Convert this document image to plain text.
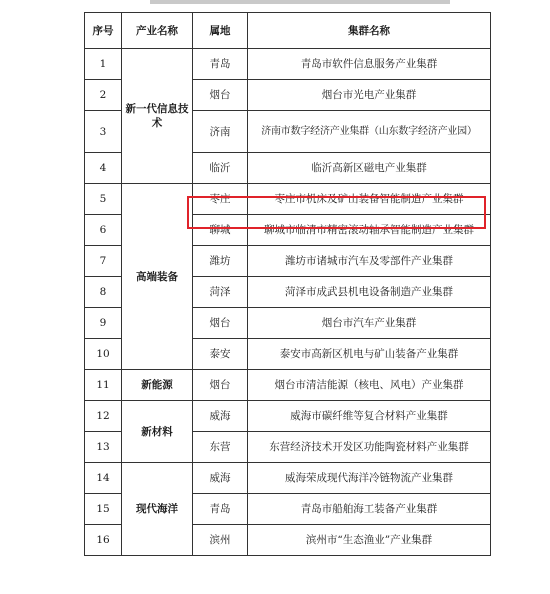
序号	产业名称	属地	集群名称
1	新一代信息技术	青岛	青岛市软件信息服务产业集群
2		烟台	烟台市光电产业集群
3		济南	济南市数字经济产业集群（山东数字经济产业园）
4		临沂	临沂高新区磁电产业集群
5	高端装备	枣庄	枣庄市机床及矿山装备智能制造产业集群
6		聊城	聊城市临清市精密滚动轴承智能制造产业集群
7		潍坊	潍坊市诸城市汽车及零部件产业集群
8		菏泽	菏泽市成武县机电设备制造产业集群
9		烟台	烟台市汽车产业集群
10		泰安	泰安市高新区机电与矿山装备产业集群
11	新能源	烟台	烟台市清洁能源（核电、风电）产业集群
12	新材料	威海	威海市碳纤维等复合材料产业集群
13		东营	东营经济技术开发区功能陶瓷材料产业集群
14	现代海洋	威海	威海荣成现代海洋冷链物流产业集群
15		青岛	青岛市船舶海工装备产业集群
16		滨州	滨州市“生态渔业”产业集群
